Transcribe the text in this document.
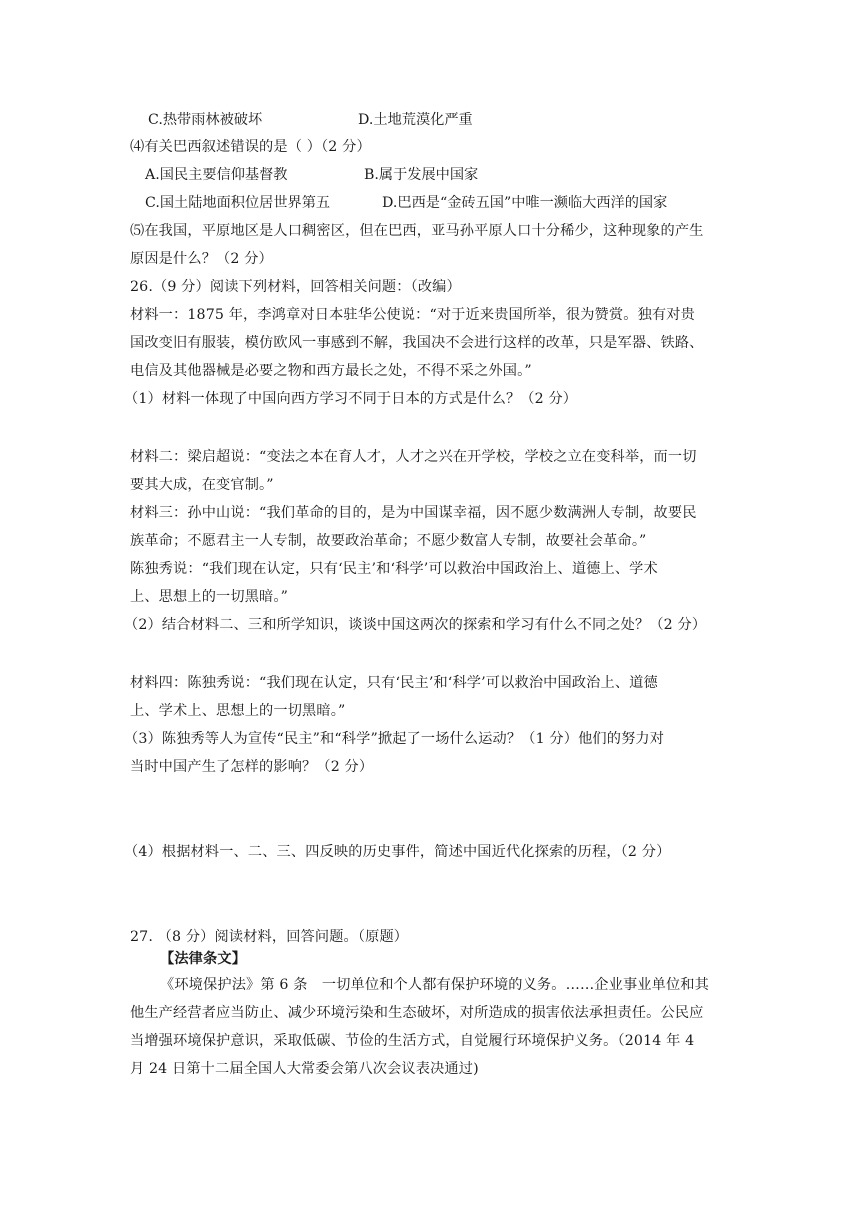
C.热带雨林被破坏	D.土地荒漠化严重
⑷有关巴西叙述错误的是（ ）（2 分）
A.国民主要信仰基督教	B.属于发展中国家
C.国土陆地面积位居世界第五	D.巴西是“金砖五国”中唯一濒临大西洋的国家
⑸在我国，平原地区是人口稠密区，但在巴西，亚马孙平原人口十分稀少，这种现象的产生
原因是什么？（2 分）
26.（9 分）阅读下列材料，回答相关问题：（改编）
材料一：1875 年，李鸿章对日本驻华公使说：“对于近来贵国所举，很为赞赏。独有对贵
国改变旧有服装，模仿欧风一事感到不解，我国决不会进行这样的改革，只是军器、铁路、
电信及其他器械是必要之物和西方最长之处，不得不采之外国。”
（1）材料一体现了中国向西方学习不同于日本的方式是什么？（2 分）
材料二：梁启超说：“变法之本在育人才，人才之兴在开学校，学校之立在变科举，而一切
要其大成，在变官制。”
材料三：孙中山说：“我们革命的目的，是为中国谋幸福，因不愿少数满洲人专制，故要民
族革命；不愿君主一人专制，故要政治革命；不愿少数富人专制，故要社会革命。”
陈独秀说：“我们现在认定，只有‘民主’和‘科学’可以救治中国政治上、道德上、学术
上、思想上的一切黑暗。”
（2）结合材料二、三和所学知识，谈谈中国这两次的探索和学习有什么不同之处？（2 分）
材料四：陈独秀说：“我们现在认定，只有‘民主’和‘科学’可以救治中国政治上、道德
上、学术上、思想上的一切黑暗。”
（3）陈独秀等人为宣传“民主”和“科学”掀起了一场什么运动？（1 分）他们的努力对
当时中国产生了怎样的影响？（2 分）
（4）根据材料一、二、三、四反映的历史事件，简述中国近代化探索的历程，（2 分）
27. （8 分）阅读材料，回答问题。（原题）
【法律条文】
《环境保护法》第 6 条　一切单位和个人都有保护环境的义务。……企业事业单位和其
他生产经营者应当防止、减少环境污染和生态破坏，对所造成的损害依法承担责任。公民应
当增强环境保护意识，采取低碳、节俭的生活方式，自觉履行环境保护义务。（2014 年 4
月 24 日第十二届全国人大常委会第八次会议表决通过)
